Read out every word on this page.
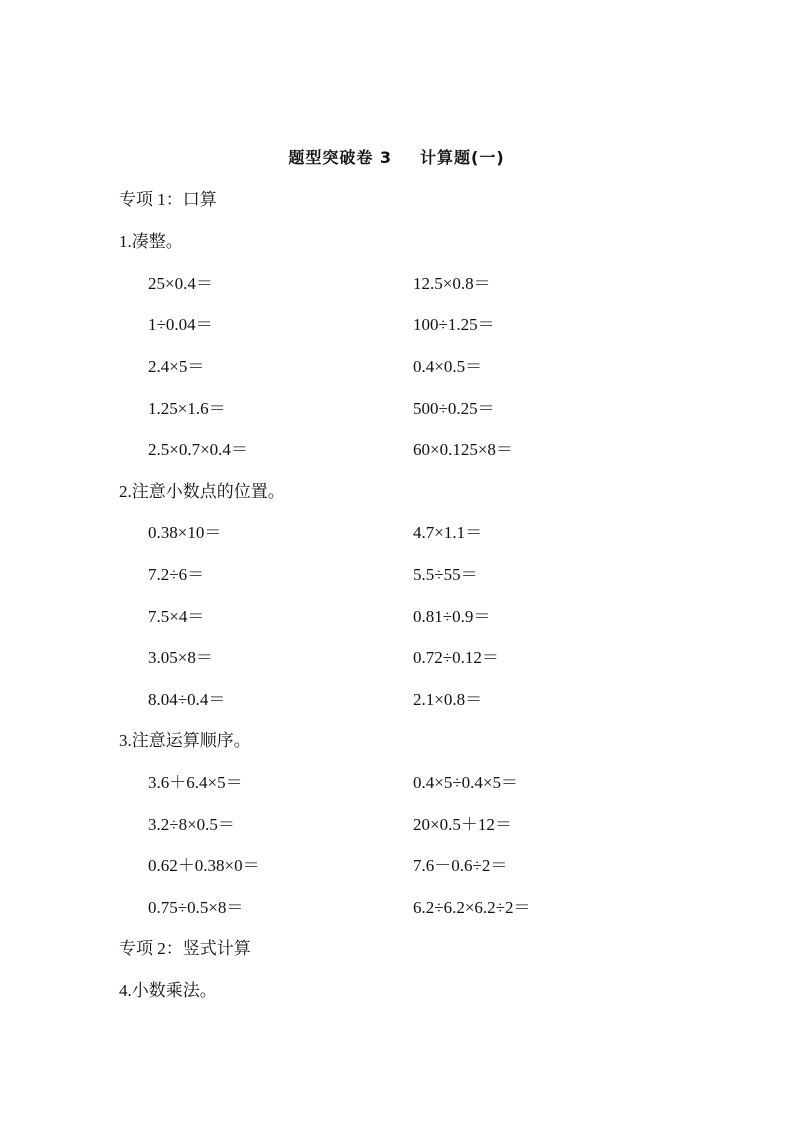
题型突破卷 3 计算题(一)
专项 1：口算
1.凑整。
25×0.4＝	12.5×0.8＝
1÷0.04＝	100÷1.25＝
2.4×5＝	0.4×0.5＝
1.25×1.6＝	500÷0.25＝
2.5×0.7×0.4＝	60×0.125×8＝
2.注意小数点的位置。
0.38×10＝	4.7×1.1＝
7.2÷6＝	5.5÷55＝
7.5×4＝	0.81÷0.9＝
3.05×8＝	0.72÷0.12＝
8.04÷0.4＝	2.1×0.8＝
3.注意运算顺序。
3.6＋6.4×5＝	0.4×5÷0.4×5＝
3.2÷8×0.5＝	20×0.5＋12＝
0.62＋0.38×0＝	7.6－0.6÷2＝
0.75÷0.5×8＝	6.2÷6.2×6.2÷2＝
专项 2：竖式计算
4.小数乘法。
